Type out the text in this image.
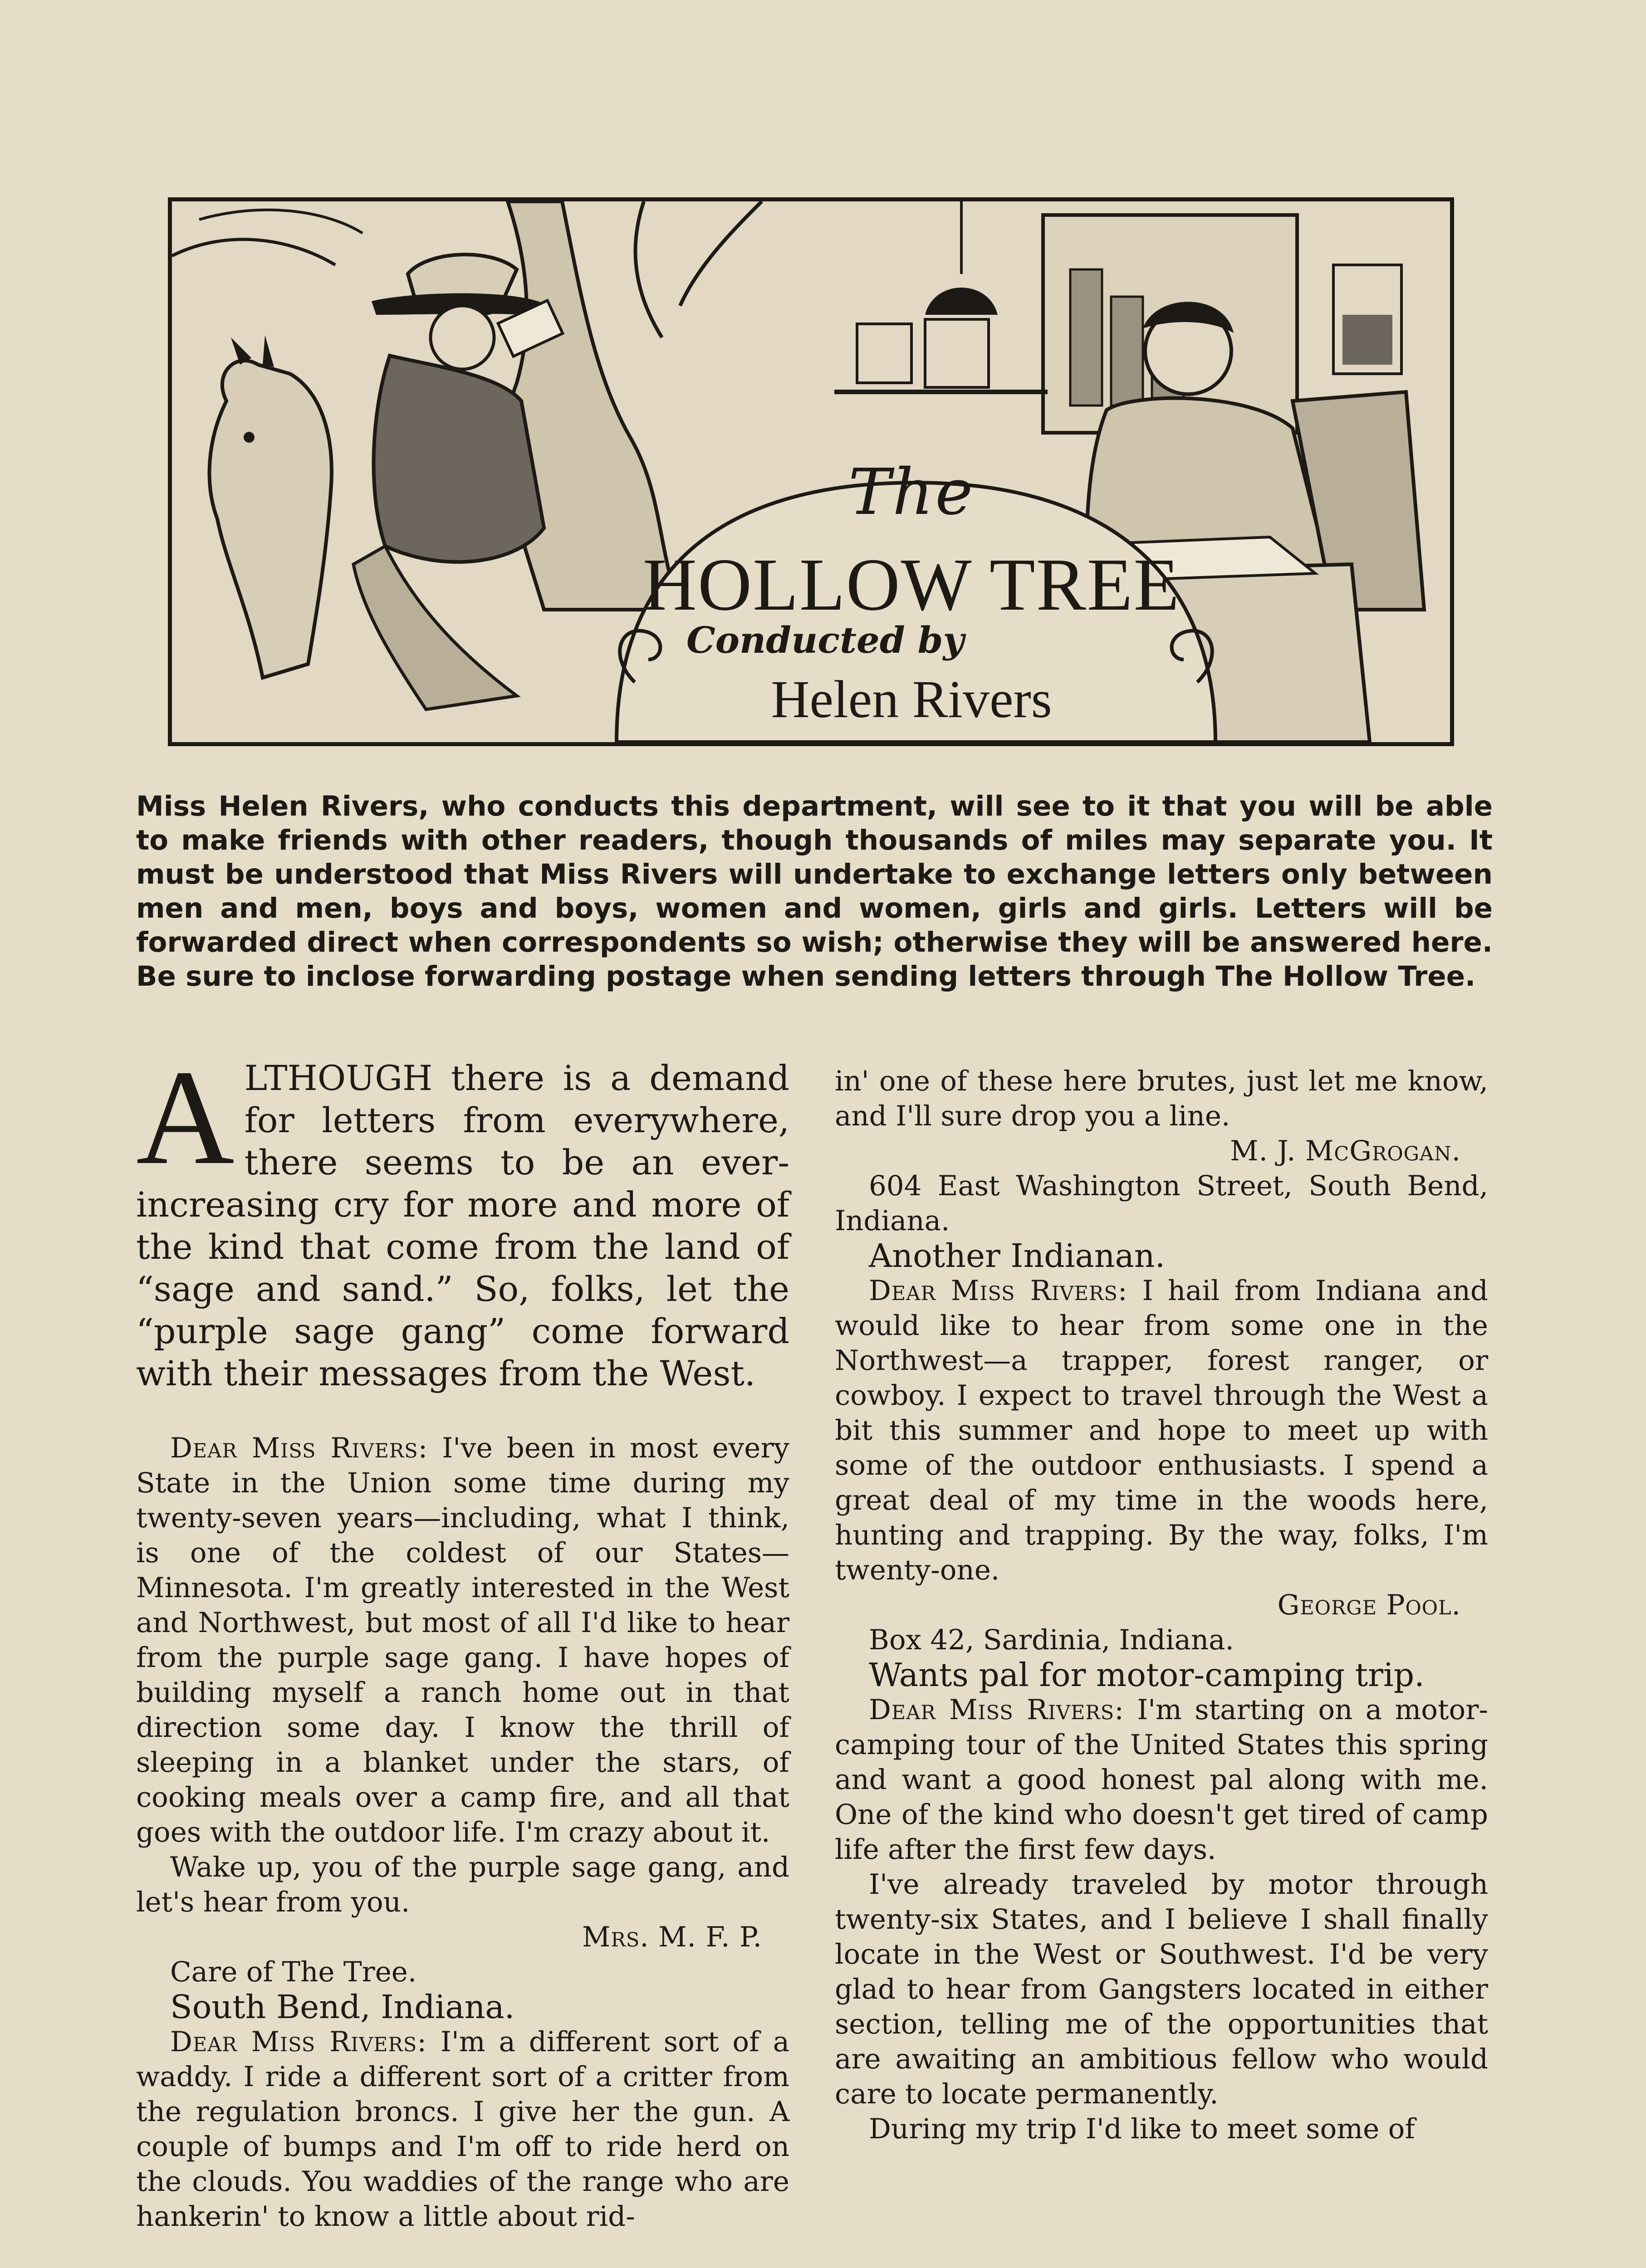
The
HOLLOW TREE
Conducted by
Helen Rivers

Miss Helen Rivers, who conducts this department, will see to it that you will be able to make friends with other readers, though thousands of miles may separate you. It must be understood that Miss Rivers will undertake to exchange letters only between men and men, boys and boys, women and women, girls and girls. Letters will be forwarded direct when correspondents so wish; otherwise they will be answered here. Be sure to inclose forwarding postage when sending letters through The Hollow Tree.

A LTHOUGH there is a demand for letters from everywhere, there seems to be an ever-increasing cry for more and more of the kind that come from the land of “sage and sand.” So, folks, let the “purple sage gang” come forward with their messages from the West.

Dear Miss Rivers: I've been in most every State in the Union some time during my twenty-seven years—including, what I think, is one of the coldest of our States—Minnesota. I'm greatly interested in the West and Northwest, but most of all I'd like to hear from the purple sage gang. I have hopes of building myself a ranch home out in that direction some day. I know the thrill of sleeping in a blanket under the stars, of cooking meals over a camp fire, and all that goes with the outdoor life. I'm crazy about it.

Wake up, you of the purple sage gang, and let's hear from you.

Mrs. M. F. P.

Care of The Tree.

South Bend, Indiana.

Dear Miss Rivers: I'm a different sort of a waddy. I ride a different sort of a critter from the regulation broncs. I give her the gun. A couple of bumps and I'm off to ride herd on the clouds. You waddies of the range who are hankerin' to know a little about rid-

in' one of these here brutes, just let me know, and I'll sure drop you a line.

M. J. McGrogan.

604 East Washington Street, South Bend, Indiana.

Another Indianan.

Dear Miss Rivers: I hail from Indiana and would like to hear from some one in the Northwest—a trapper, forest ranger, or cowboy. I expect to travel through the West a bit this summer and hope to meet up with some of the outdoor enthusiasts. I spend a great deal of my time in the woods here, hunting and trapping. By the way, folks, I'm twenty-one.

George Pool.

Box 42, Sardinia, Indiana.

Wants pal for motor-camping trip.

Dear Miss Rivers: I'm starting on a motor-camping tour of the United States this spring and want a good honest pal along with me. One of the kind who doesn't get tired of camp life after the first few days.

I've already traveled by motor through twenty-six States, and I believe I shall finally locate in the West or Southwest. I'd be very glad to hear from Gangsters located in either section, telling me of the opportunities that are awaiting an ambitious fellow who would care to locate permanently.

During my trip I'd like to meet some of
